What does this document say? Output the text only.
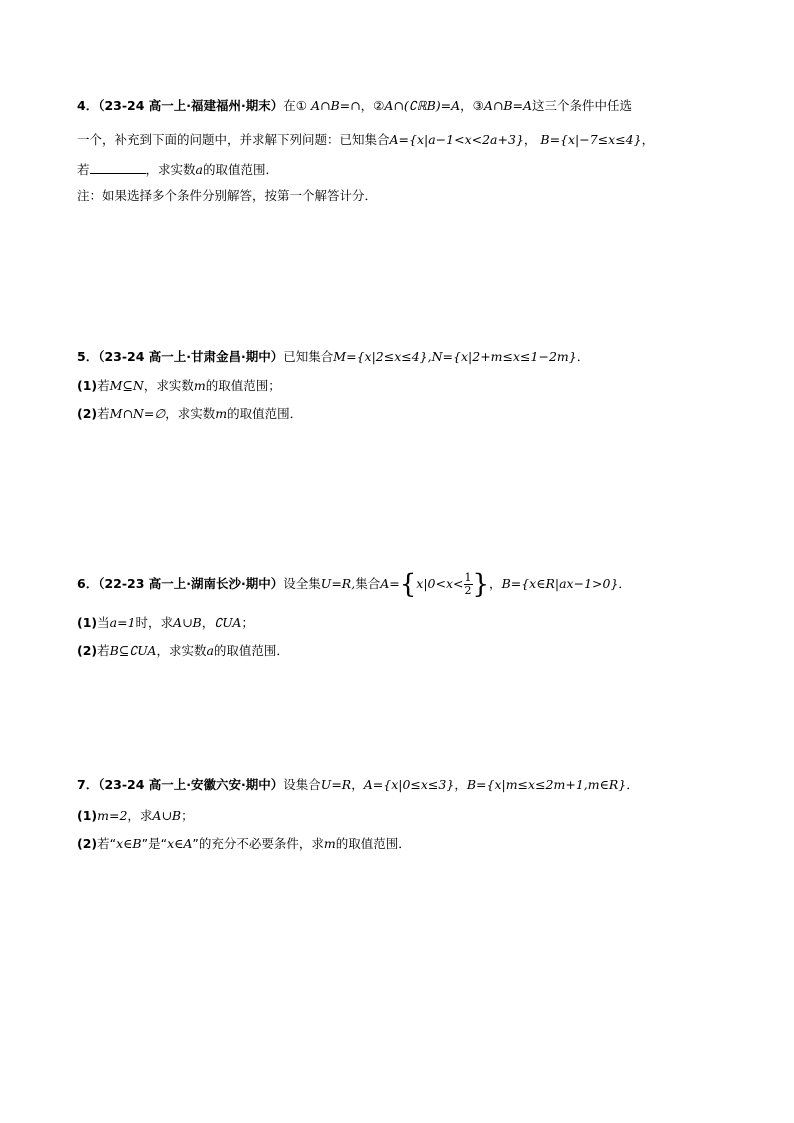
4．（23-24 高一上·福建福州·期末）在① A∩B=∩，②A∩(∁ℝB)=A，③A∩B=A这三个条件中任选
一个，补充到下面的问题中，并求解下列问题：已知集合A={x|a−1<x<2a+3}， B={x|−7≤x≤4}，
若	，求实数a的取值范围．
注：如果选择多个条件分别解答，按第一个解答计分．
5．（23-24 高一上·甘肃金昌·期中）已知集合M={x|2≤x≤4},N={x|2+m≤x≤1−2m}．
(1)若M⊆N，求实数m的取值范围；
(2)若M∩N=∅，求实数m的取值范围．
6．（22-23 高一上·湖南长沙·期中）设全集U=R,集合$A=\{x|0<x< \frac{1}{2}$ }，B={x∈R|ax−1>0}．
(1)当a=1时，求A∪B，∁UA；
(2)若B⊆∁UA，求实数a的取值范围．
7．（23-24 高一上·安徽六安·期中）设集合U=R，A={x|0≤x≤3}，B={x|m≤x≤2m+1,m∈R}．
(1)m=2，求A∪B；
(2)若“x∈B”是“x∈A”的充分不必要条件，求m的取值范围．
